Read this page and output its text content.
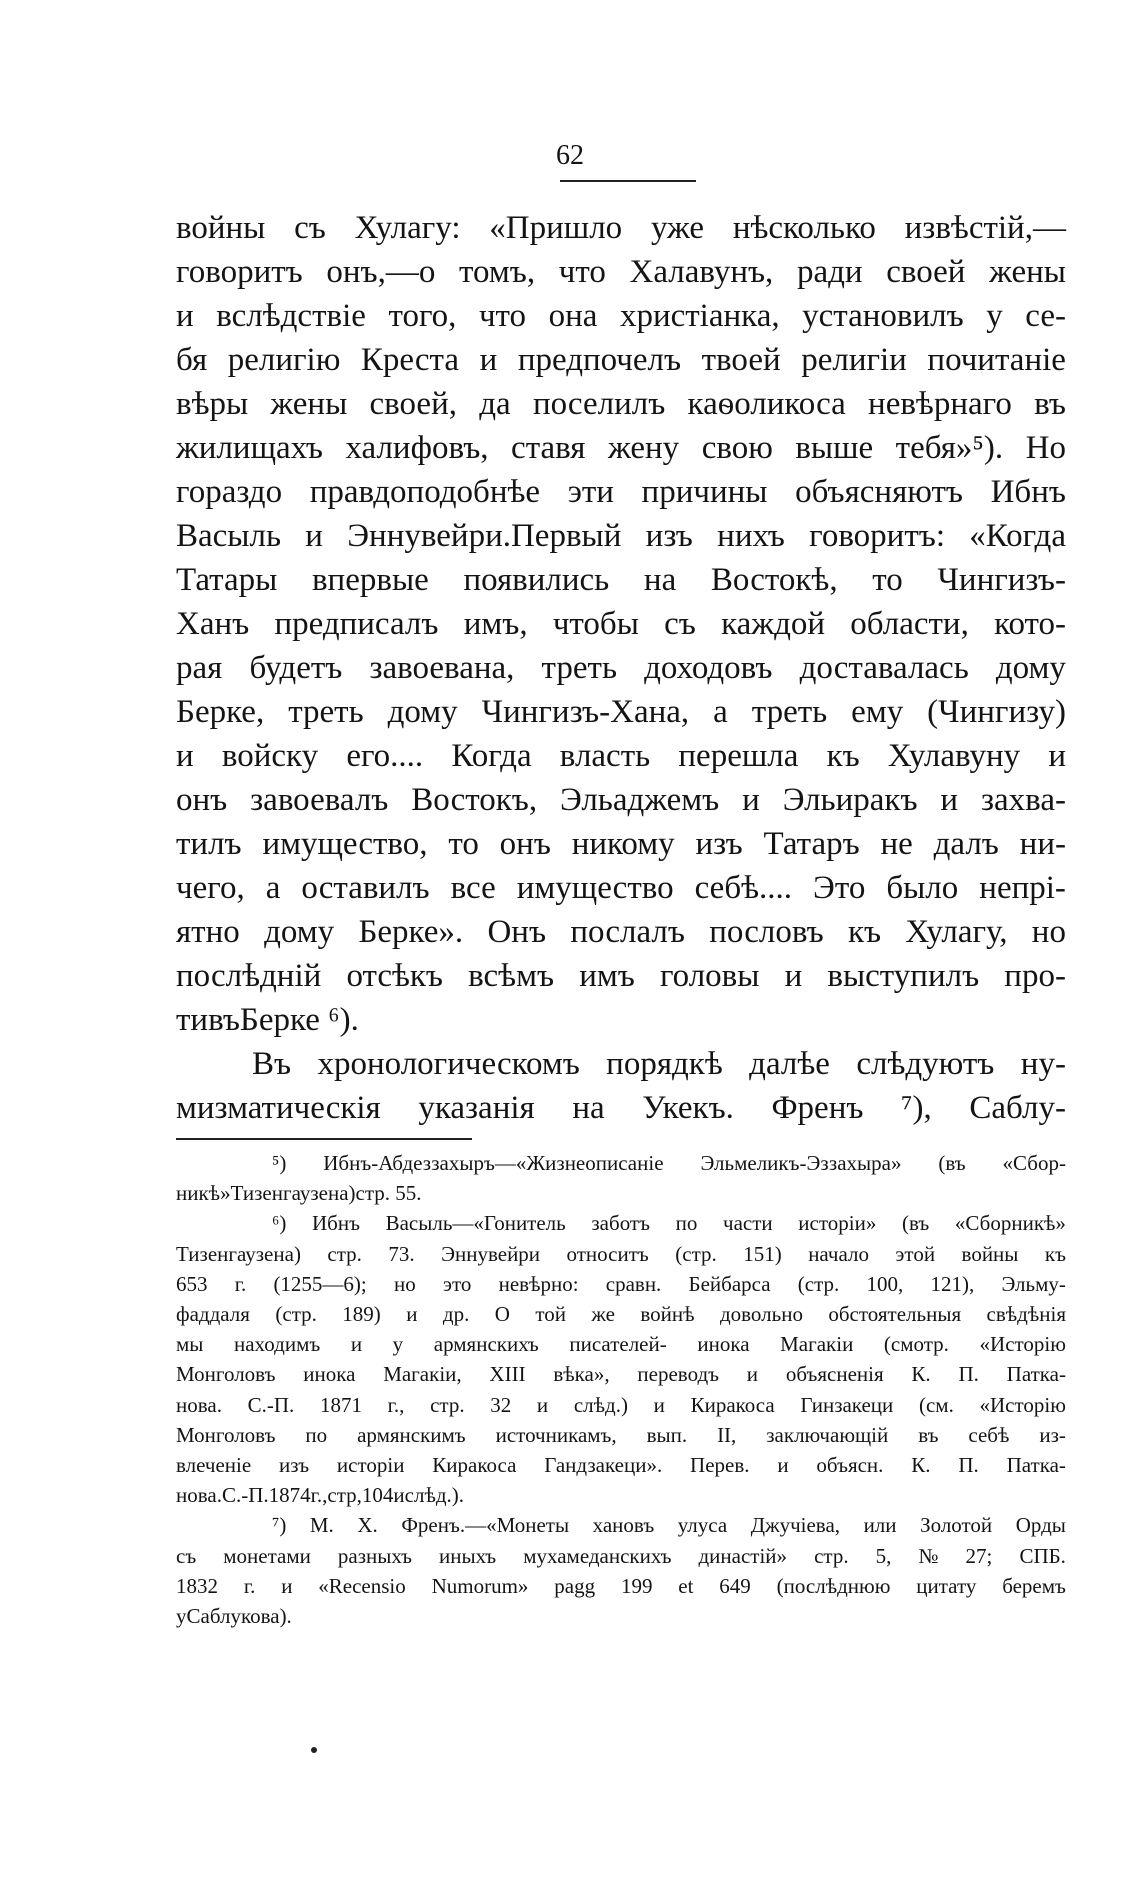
62
войны съ Хулагу: «Пришло уже нѣсколько извѣстій,—
говоритъ онъ,—о томъ, что Халавунъ, ради своей жены
и вслѣдствіе того, что она христіанка, установилъ у се-
бя религію Креста и предпочелъ твоей религіи почитаніе
вѣры жены своей, да поселилъ каѳоликоса невѣрнаго въ
жилищахъ халифовъ, ставя жену свою выше тебя»⁵). Но
гораздо правдоподобнѣе эти причины объясняютъ Ибнъ
Васыль и Эннувейри.Первый изъ нихъ говоритъ: «Когда
Татары впервые появились на Востокѣ, то Чингизъ-
Ханъ предписалъ имъ, чтобы съ каждой области, кото-
рая будетъ завоевана, треть доходовъ доставалась дому
Берке, треть дому Чингизъ-Хана, а треть ему (Чингизу)
и войску его.... Когда власть перешла къ Хулавуну и
онъ завоевалъ Востокъ, Эльаджемъ и Эльиракъ и захва-
тилъ имущество, то онъ никому изъ Татаръ не далъ ни-
чего, а оставилъ все имущество себѣ.... Это было непрі-
ятно дому Берке». Онъ послалъ пословъ къ Хулагу, но
послѣдній отсѣкъ всѣмъ имъ головы и выступилъ про-
тивъ Берке ⁶).
Въ хронологическомъ порядкѣ далѣе слѣдуютъ ну-
мизматическія указанія на Укекъ. Френъ ⁷), Саблу-
⁵) Ибнъ-Абдеззахыръ—«Жизнеописаніе Эльмеликъ-Эззахыра» (въ «Сбор-
никѣ» Тизенгаузена) стр. 55.
⁶) Ибнъ Васыль—«Гонитель заботъ по части исторіи» (въ «Сборникѣ»
Тизенгаузена) стр. 73. Эннувейри относитъ (стр. 151) начало этой войны къ
653 г. (1255—6); но это невѣрно: сравн. Бейбарса (стр. 100, 121), Эльму-
фаддаля (стр. 189) и др. О той же войнѣ довольно обстоятельныя свѣдѣнія
мы находимъ и у армянскихъ писателей- инока Магакіи (смотр. «Исторію
Монголовъ инока Магакіи, XIII вѣка», переводъ и объясненія К. П. Патка-
нова. С.-П. 1871 г., стр. 32 и слѣд.) и Киракоса Гинзакеци (см. «Исторію
Монголовъ по армянскимъ источникамъ, вып. II, заключающій въ себѣ из-
влеченіе изъ исторіи Киракоса Гандзакеци». Перев. и объясн. К. П. Патка-
нова. С.-П. 1874 г., стр, 104 и слѣд.).
⁷) М. Х. Френъ.—«Монеты хановъ улуса Джучіева, или Золотой Орды
съ монетами разныхъ иныхъ мухамеданскихъ династій» стр. 5, № 27; СПБ.
1832 г. и «Recensio Numorum» pagg 199 et 649 (послѣднюю цитату беремъ
у Саблукова).
